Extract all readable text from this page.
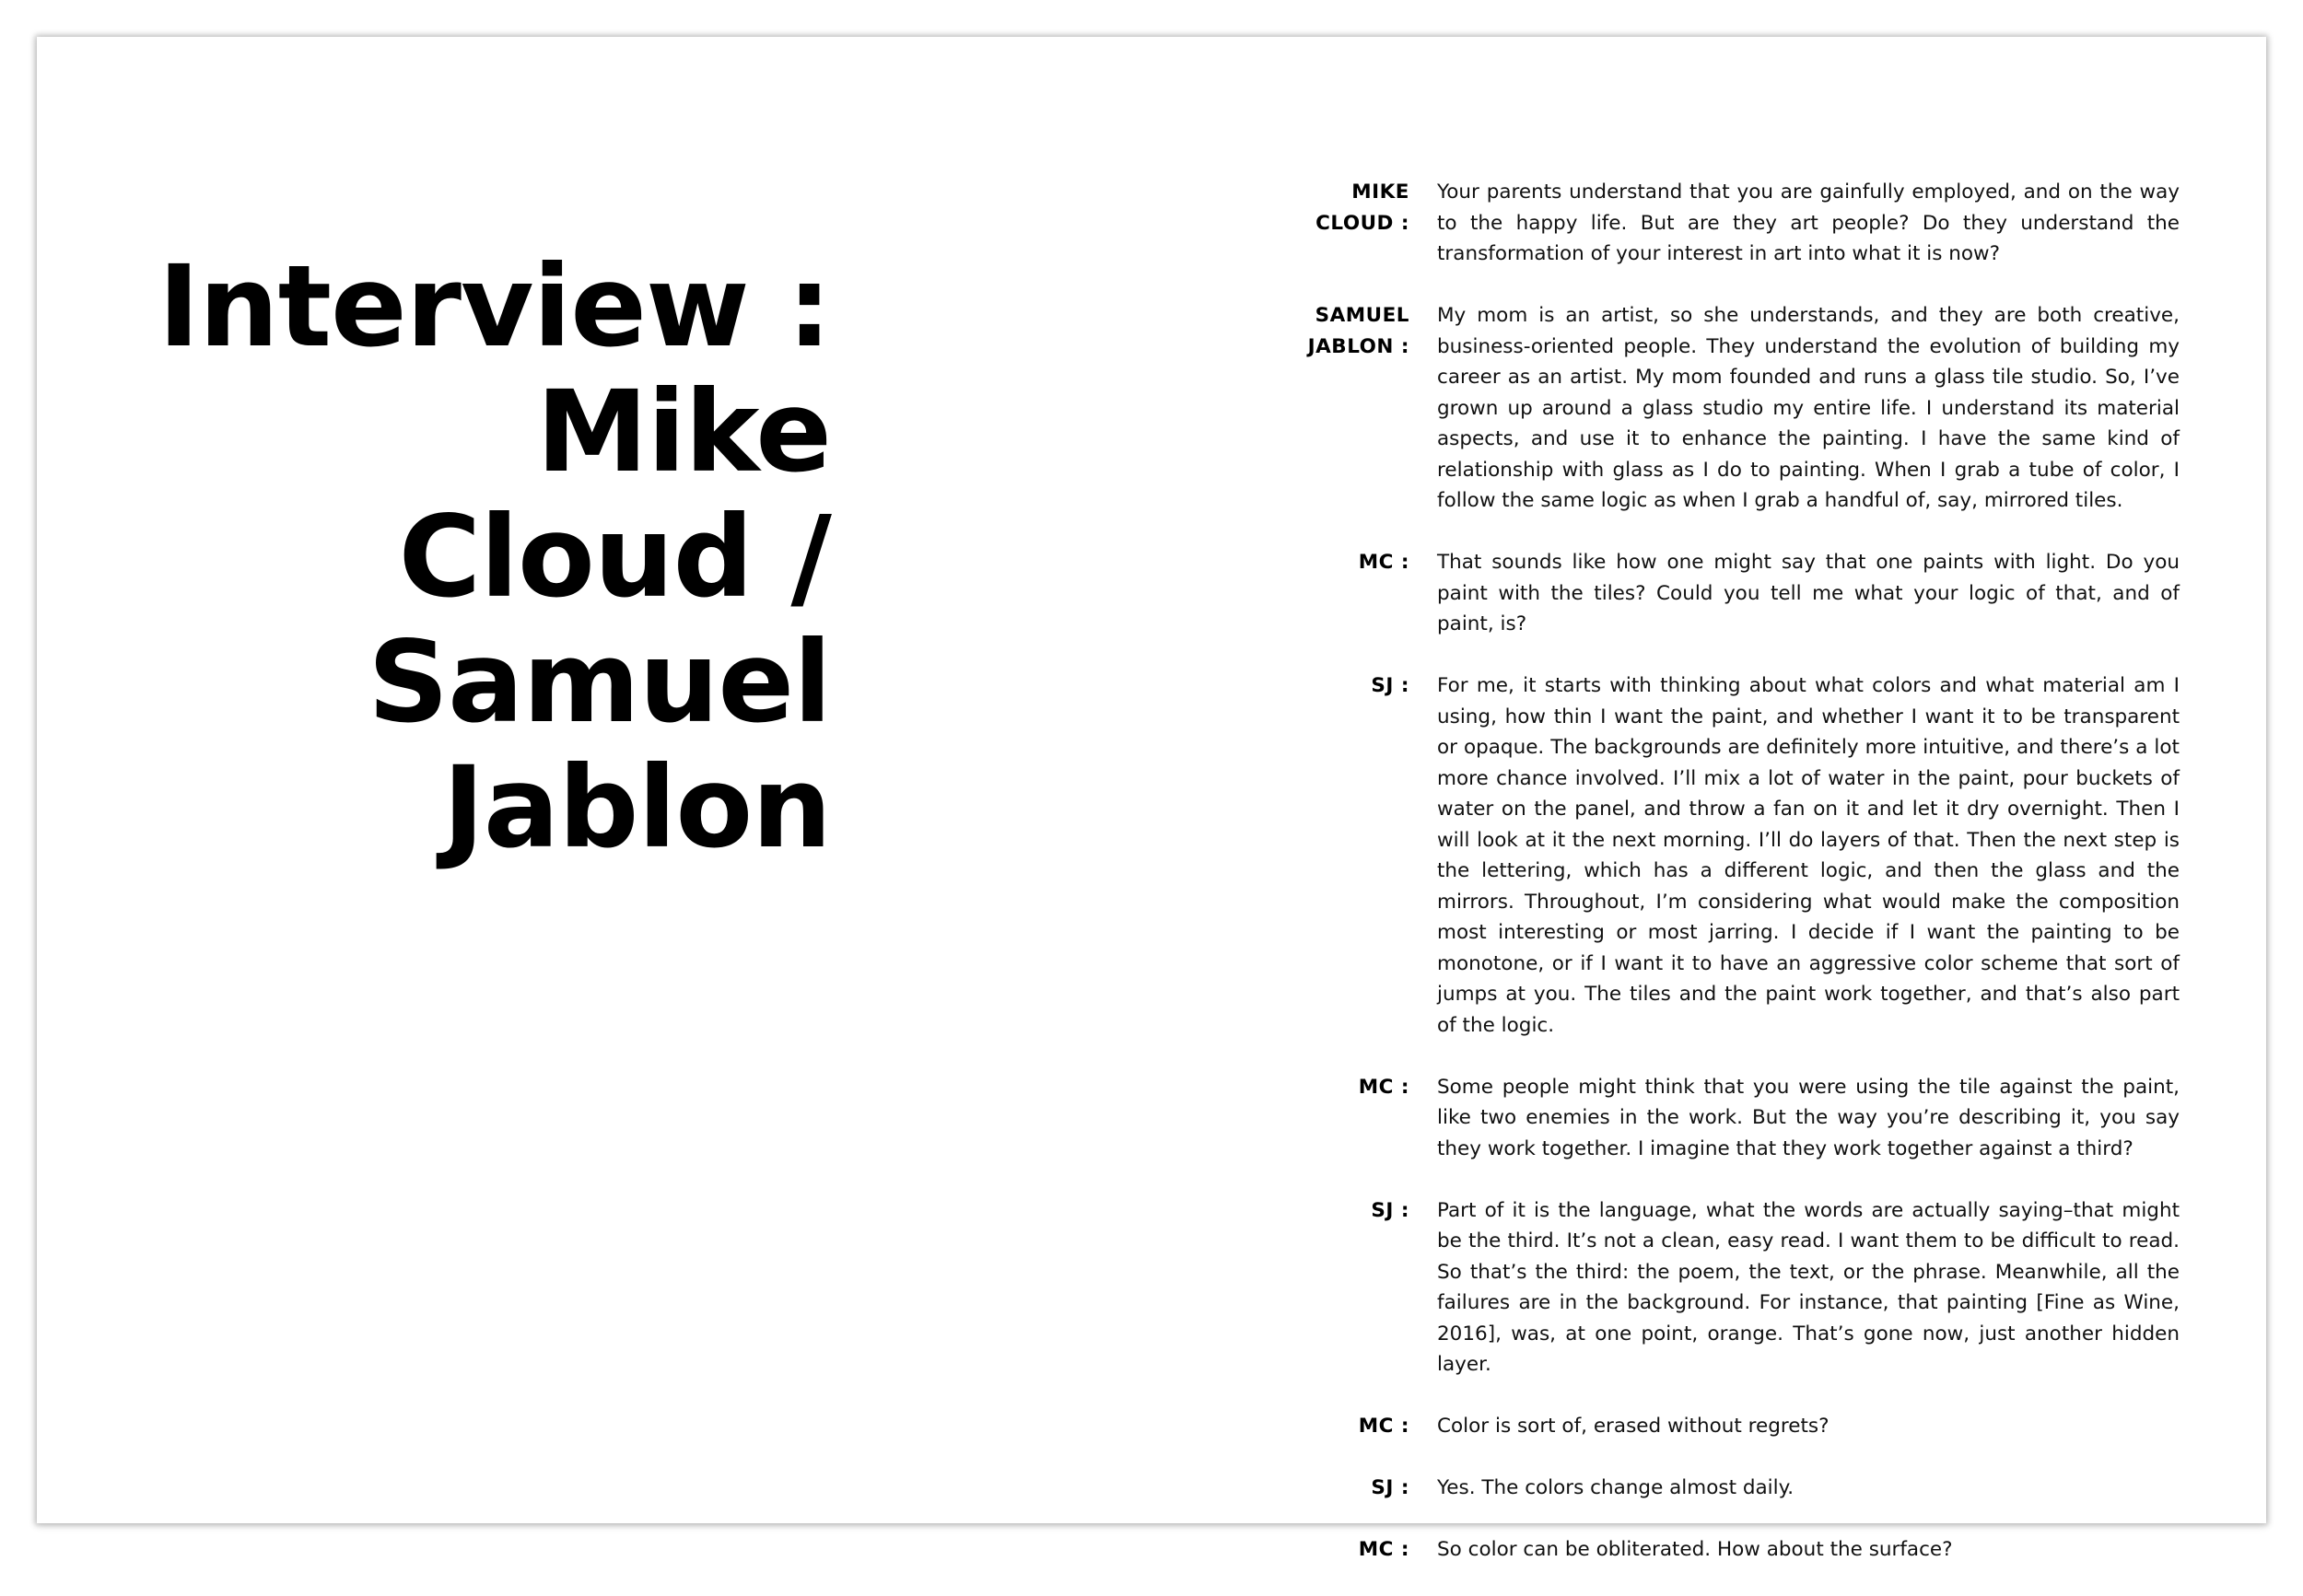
Interview :
Mike
Cloud /
Samuel
Jablon
MIKE
CLOUD :
Your parents understand that you are gainfully employed, and on the way to the happy life. But are they art people? Do they understand the transformation of your interest in art into what it is now?
SAMUEL
JABLON :
My mom is an artist, so she understands, and they are both creative, business-oriented people. They understand the evolution of building my career as an artist. My mom founded and runs a glass tile studio. So, I’ve grown up around a glass studio my entire life. I understand its material aspects, and use it to enhance the painting. I have the same kind of relationship with glass as I do to painting. When I grab a tube of color, I follow the same logic as when I grab a handful of, say, mirrored tiles.
MC : That sounds like how one might say that one paints with light. Do you paint with the tiles? Could you tell me what your logic of that, and of paint, is?
SJ : For me, it starts with thinking about what colors and what material am I using, how thin I want the paint, and whether I want it to be transparent or opaque. The backgrounds are definitely more intuitive, and there’s a lot more chance involved. I’ll mix a lot of water in the paint, pour buckets of water on the panel, and throw a fan on it and let it dry overnight. Then I will look at it the next morning. I’ll do layers of that. Then the next step is the lettering, which has a different logic, and then the glass and the mirrors. Throughout, I’m considering what would make the composition most interesting or most jarring. I decide if I want the painting to be monotone, or if I want it to have an aggressive color scheme that sort of jumps at you. The tiles and the paint work together, and that’s also part of the logic.
MC : Some people might think that you were using the tile against the paint, like two enemies in the work. But the way you’re describing it, you say they work together. I imagine that they work together against a third?
SJ : Part of it is the language, what the words are actually saying–that might be the third. It’s not a clean, easy read. I want them to be difficult to read. So that’s the third: the poem, the text, or the phrase. Meanwhile, all the failures are in the background. For instance, that painting [Fine as Wine, 2016], was, at one point, orange. That’s gone now, just another hidden layer.
MC : Color is sort of, erased without regrets?
SJ : Yes. The colors change almost daily.
MC : So color can be obliterated. How about the surface?
